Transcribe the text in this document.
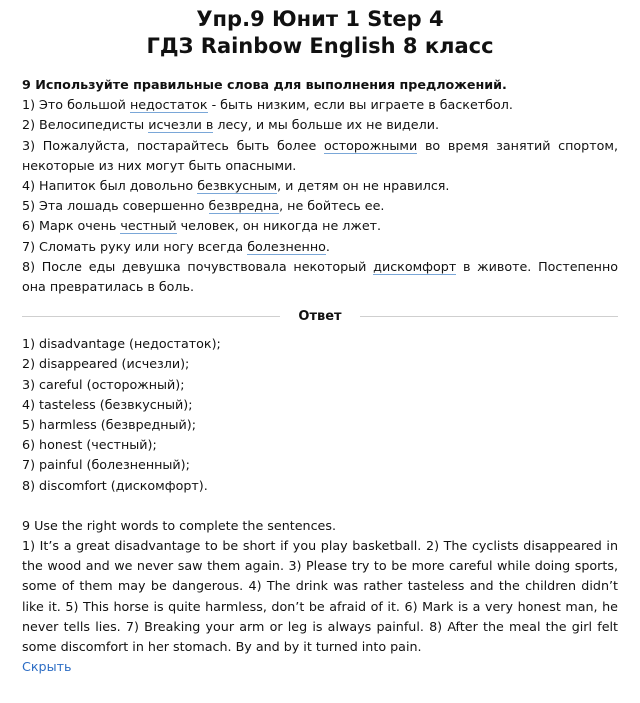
Упр.9 Юнит 1 Step 4
ГДЗ Rainbow English 8 класс

9 Используйте правильные слова для выполнения предложений.

1) Это большой недостаток - быть низким, если вы играете в баскетбол.

2) Велосипедисты исчезли в лесу, и мы больше их не видели.

3) Пожалуйста, постарайтесь быть более осторожными во время занятий спортом, некоторые из них могут быть опасными.

4) Напиток был довольно безвкусным, и детям он не нравился.

5) Эта лошадь совершенно безвредна, не бойтесь ее.

6) Марк очень честный человек, он никогда не лжет.

7) Сломать руку или ногу всегда болезненно.

8) После еды девушка почувствовала некоторый дискомфорт в животе. Постепенно она превратилась в боль.

Ответ
1) disadvantage (недостаток);
2) disappeared (исчезли);
3) careful (осторожный);
4) tasteless (безвкусный);
5) harmless (безвредный);
6) honest (честный);
7) painful (болезненный);
8) discomfort (дискомфорт).

9 Use the right words to complete the sentences.

1) It’s a great disadvantage to be short if you play basketball. 2) The cyclists disappeared in the wood and we never saw them again. 3) Please try to be more careful while doing sports, some of them may be dangerous. 4) The drink was rather tasteless and the children didn’t like it. 5) This horse is quite harmless, don’t be afraid of it. 6) Mark is a very honest man, he never tells lies. 7) Breaking your arm or leg is always painful. 8) After the meal the girl felt some discomfort in her stomach. By and by it turned into pain.

Скрыть
